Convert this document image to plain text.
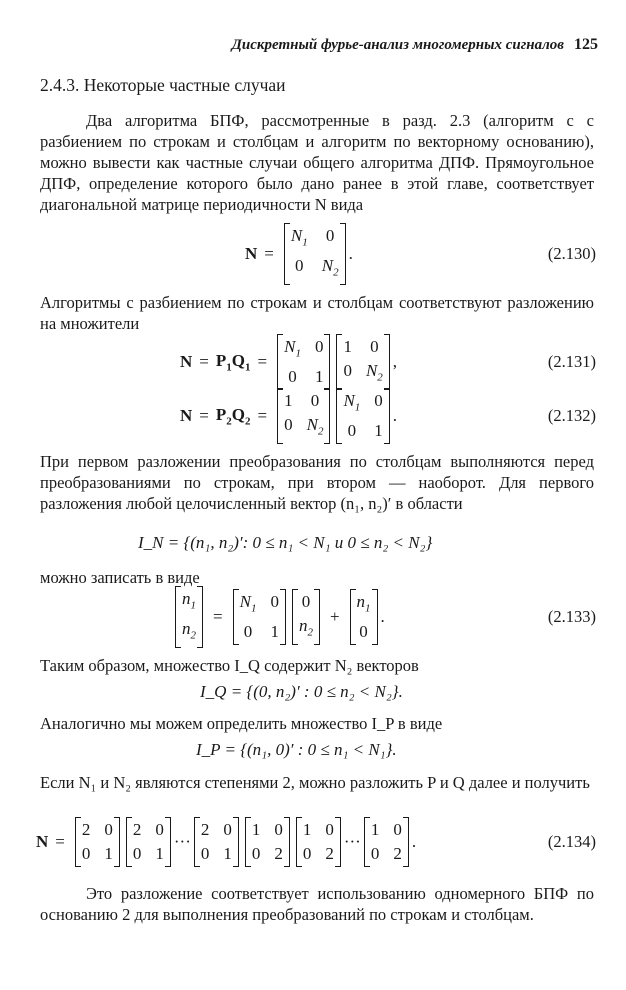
Дискретный фурье-анализ многомерных сигналов 125
2.4.3. Некоторые частные случаи
Два алгоритма БПФ, рассмотренные в разд. 2.3 (алгоритм с с разбиением по строкам и столбцам и алгоритм по векторному основанию), можно вывести как частные случаи общего алгоритма ДПФ. Прямоугольное ДПФ, определение которого было дано ранее в этой главе, соответствует диагональной матрице периодичности N вида
N =
$N_1$ 0
0 $N_2$
.	(2.130)
Алгоритмы с разбиением по строкам и столбцам соответствуют разложению на множители
$N = P_1Q_1$ =
$N_1$ 0
0 1
1 0
0 $N_2$
,	(2.131)
$N = P_2Q_2$ =
1 0
0 $N_2$
$N_1$ 0
0 1
.	(2.132)
При первом разложении преобразования по столбцам выполняются перед преобразованиями по строкам, при втором — наоборот. Для первого разложения любой целочисленный вектор (n₁, n₂)′ в области
I_N = {(n₁, n₂)′: 0 ≤ n₁ < N₁ и 0 ≤ n₂ < N₂}
можно записать в виде
$n_1$
$n_2$
=
$N_1$ 0
0 1
0
$n_2$
+
$n_1$
0
.	(2.133)
Таким образом, множество I_Q содержит N₂ векторов
I_Q = {(0, n₂)′ : 0 ≤ n₂ < N₂}.
Аналогично мы можем определить множество I_P в виде
I_P = {(n₁, 0)′ : 0 ≤ n₁ < N₁}.
Если N₁ и N₂ являются степенями 2, можно разложить P и Q далее и получить
N =
2 0
0 1
2 0
0 1
···
2 0
0 1
1 0
0 2
1 0
0 2
···
1 0
0 2
.	(2.134)
Это разложение соответствует использованию одномерного БПФ по основанию 2 для выполнения преобразований по строкам и столбцам.
